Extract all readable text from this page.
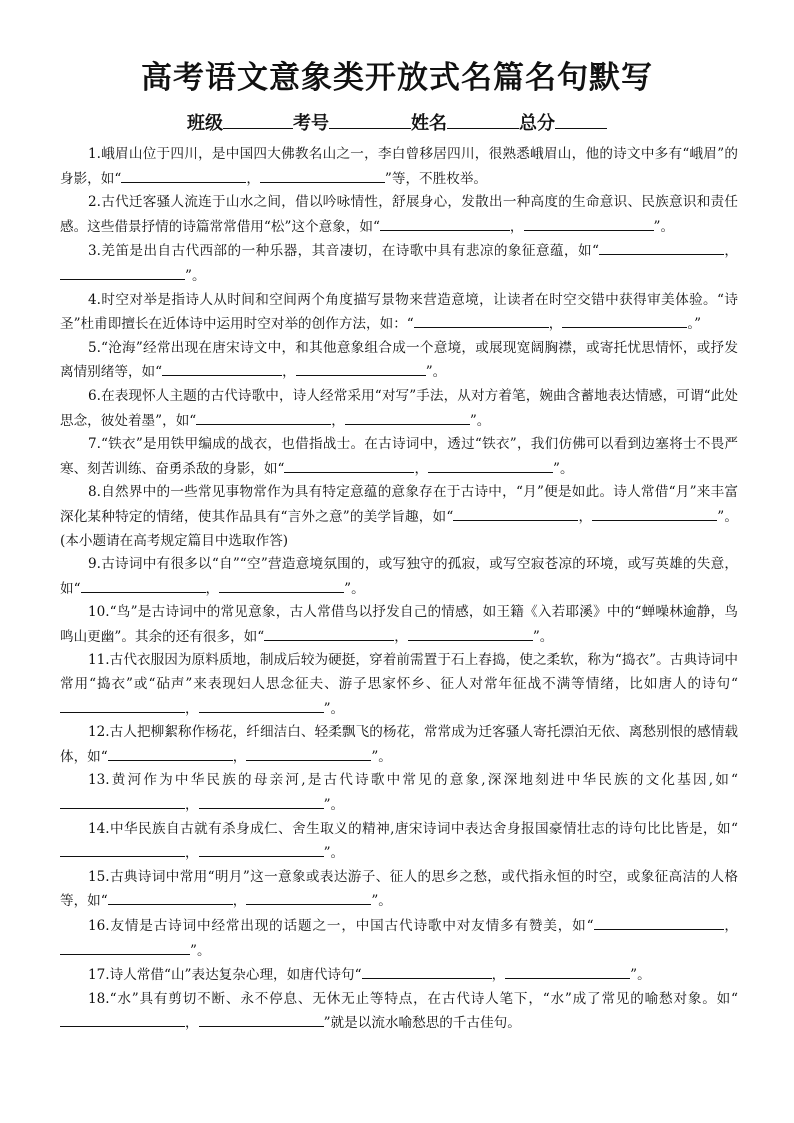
高考语文意象类开放式名篇名句默写
班级	考号	姓名	总分

1.峨眉山位于四川，是中国四大佛教名山之一，李白曾移居四川，很熟悉峨眉山，他的诗文中多有“峨眉”的身影，如“	，	”等，不胜枚举。

2.古代迁客骚人流连于山水之间，借以吟咏情性，舒展身心，发散出一种高度的生命意识、民族意识和责任感。这些借景抒情的诗篇常常借用“松”这个意象，如“	，	”。

3.羌笛是出自古代西部的一种乐器，其音凄切，在诗歌中具有悲凉的象征意蕴，如“	，”。

4.时空对举是指诗人从时间和空间两个角度描写景物来营造意境，让读者在时空交错中获得审美体验。“诗圣”杜甫即擅长在近体诗中运用时空对举的创作方法，如：“	，	。”

5.“沧海”经常出现在唐宋诗文中，和其他意象组合成一个意境，或展现宽阔胸襟，或寄托忧思情怀，或抒发离情别绪等，如“	，	”。

6.在表现怀人主题的古代诗歌中，诗人经常采用“对写”手法，从对方着笔，婉曲含蓄地表达情感，可谓“此处思念，彼处着墨”，如“	，	”。

7.“铁衣”是用铁甲编成的战衣，也借指战士。在古诗词中，透过“铁衣”，我们仿佛可以看到边塞将士不畏严寒、刻苦训练、奋勇杀敌的身影，如“	，	”。

8.自然界中的一些常见事物常作为具有特定意蕴的意象存在于古诗中，“月”便是如此。诗人常借“月”来丰富深化某种特定的情绪，使其作品具有“言外之意”的美学旨趣，如“	，	”。(本小题请在高考规定篇目中选取作答)

9.古诗词中有很多以“自”“空”营造意境氛围的，或写独守的孤寂，或写空寂苍凉的环境，或写英雄的失意，如“	，	”。

10.“鸟”是古诗词中的常见意象，古人常借鸟以抒发自己的情感，如王籍《入若耶溪》中的“蝉噪林逾静，鸟鸣山更幽”。其余的还有很多，如“	，	”。

11.古代衣服因为原料质地，制成后较为硬挺，穿着前需置于石上舂捣，使之柔软，称为“捣衣”。古典诗词中常用“捣衣”或“砧声”来表现妇人思念征夫、游子思家怀乡、征人对常年征战不满等情绪，比如唐人的诗句“，	”。

12.古人把柳絮称作杨花，纤细洁白、轻柔飘飞的杨花，常常成为迁客骚人寄托漂泊无依、离愁别恨的感情载体，如“	，	”。

13.黄河作为中华民族的母亲河,是古代诗歌中常见的意象,深深地刻进中华民族的文化基因,如“，	”。

14.中华民族自古就有杀身成仁、舍生取义的精神,唐宋诗词中表达舍身报国豪情壮志的诗句比比皆是，如“，	”。

15.古典诗词中常用“明月”这一意象或表达游子、征人的思乡之愁，或代指永恒的时空，或象征高洁的人格等，如“	，	”。

16.友情是古诗词中经常出现的话题之一，中国古代诗歌中对友情多有赞美，如“	，”。

17.诗人常借“山”表达复杂心理，如唐代诗句“	，	”。

18.“水”具有剪切不断、永不停息、无休无止等特点，在古代诗人笔下，“水”成了常见的喻愁对象。如“，	”就是以流水喻愁思的千古佳句。
